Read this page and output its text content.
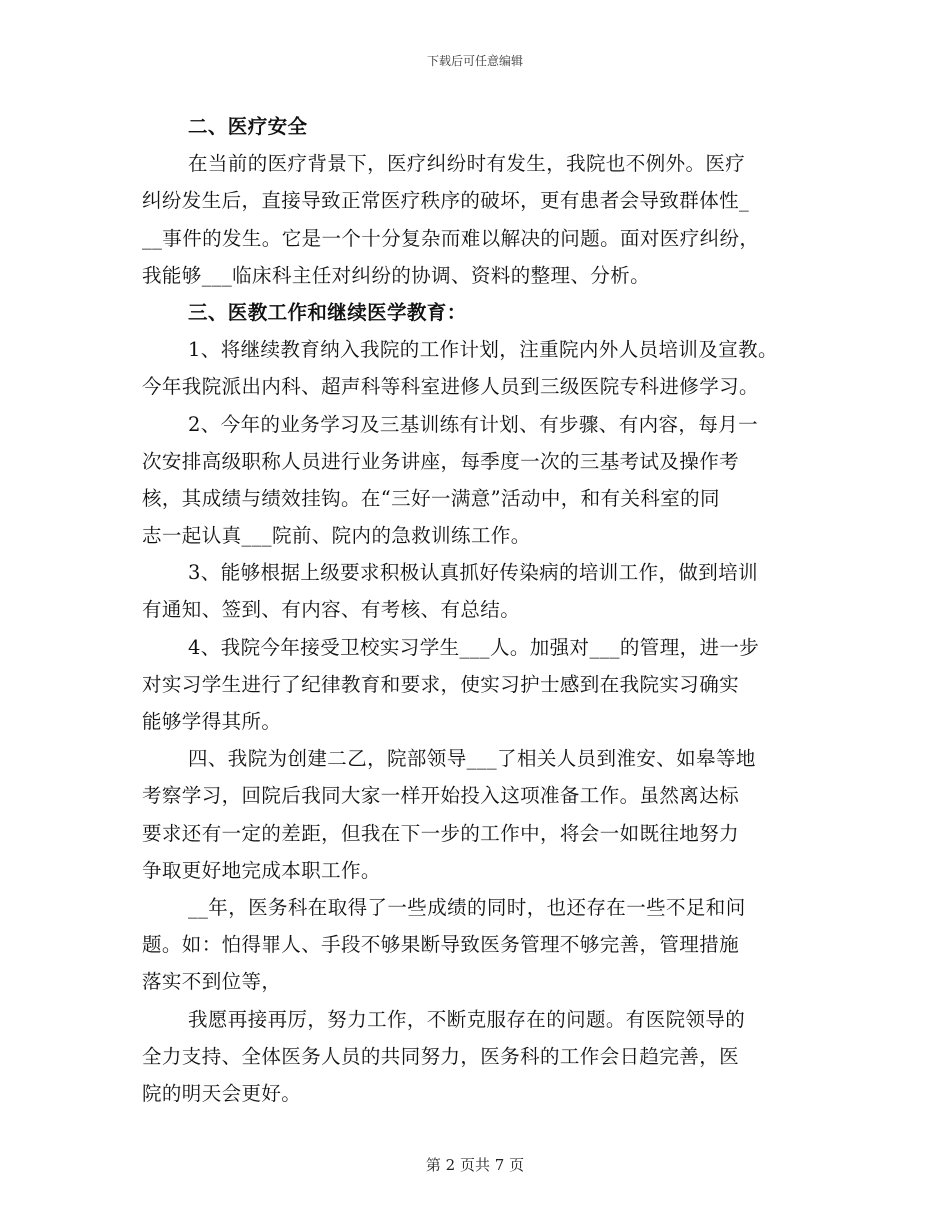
下载后可任意编辑
二、医疗安全
在当前的医疗背景下，医疗纠纷时有发生，我院也不例外。医疗
纠纷发生后，直接导致正常医疗秩序的破坏，更有患者会导致群体性_
__事件的发生。它是一个十分复杂而难以解决的问题。面对医疗纠纷，
我能够___临床科主任对纠纷的协调、资料的整理、分析。
三、医教工作和继续医学教育：
1、将继续教育纳入我院的工作计划，注重院内外人员培训及宣教。
今年我院派出内科、超声科等科室进修人员到三级医院专科进修学习。
2、今年的业务学习及三基训练有计划、有步骤、有内容，每月一
次安排高级职称人员进行业务讲座，每季度一次的三基考试及操作考
核，其成绩与绩效挂钩。在“三好一满意”活动中，和有关科室的同
志一起认真___院前、院内的急救训练工作。
3、能够根据上级要求积极认真抓好传染病的培训工作，做到培训
有通知、签到、有内容、有考核、有总结。
4、我院今年接受卫校实习学生___人。加强对___的管理，进一步
对实习学生进行了纪律教育和要求，使实习护士感到在我院实习确实
能够学得其所。
四、我院为创建二乙，院部领导___了相关人员到淮安、如皋等地
考察学习，回院后我同大家一样开始投入这项准备工作。虽然离达标
要求还有一定的差距，但我在下一步的工作中，将会一如既往地努力
争取更好地完成本职工作。
__年，医务科在取得了一些成绩的同时，也还存在一些不足和问
题。如：怕得罪人、手段不够果断导致医务管理不够完善，管理措施
落实不到位等，
我愿再接再厉，努力工作，不断克服存在的问题。有医院领导的
全力支持、全体医务人员的共同努力，医务科的工作会日趋完善，医
院的明天会更好。
第 2 页共 7 页
